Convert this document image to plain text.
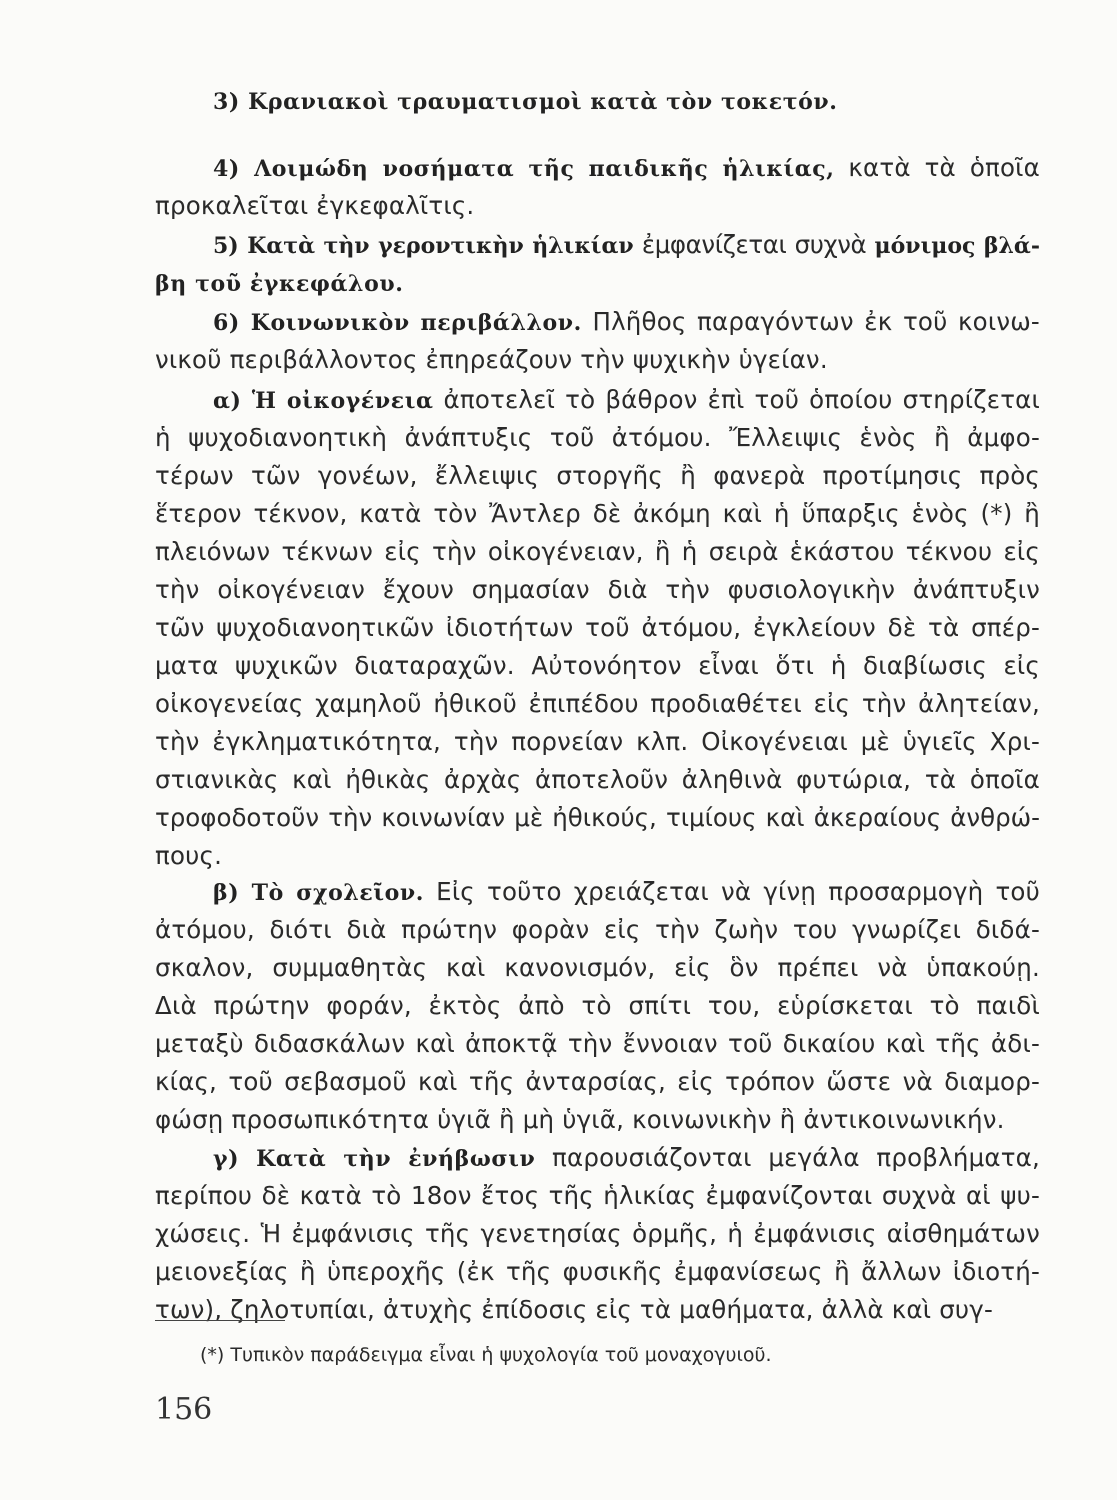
3) Κρανιακοὶ τραυματισμοὶ κατὰ τὸν τοκετόν.
4) Λοιμώδη νοσήματα τῆς παιδικῆς ἡλικίας, κατὰ τὰ ὁποῖα
προκαλεῖται ἐγκεφαλῖτις.
5) Κατὰ τὴν γεροντικὴν ἡλικίαν ἐμφανίζεται συχνὰ μόνιμος βλά-
βη τοῦ ἐγκεφάλου.
6) Κοινωνικὸν περιβάλλον. Πλῆθος παραγόντων ἐκ τοῦ κοινω-
νικοῦ περιβάλλοντος ἐπηρεάζουν τὴν ψυχικὴν ὑγείαν.
α) Ἡ οἰκογένεια ἀποτελεῖ τὸ βάθρον ἐπὶ τοῦ ὁποίου στηρίζεται
ἡ ψυχοδιανοητικὴ ἀνάπτυξις τοῦ ἀτόμου. Ἔλλειψις ἑνὸς ἢ ἀμφο-
τέρων τῶν γονέων, ἔλλειψις στοργῆς ἢ φανερὰ προτίμησις πρὸς
ἕτερον τέκνον, κατὰ τὸν Ἄντλερ δὲ ἀκόμη καὶ ἡ ὕπαρξις ἑνὸς (*) ἢ
πλειόνων τέκνων εἰς τὴν οἰκογένειαν, ἢ ἡ σειρὰ ἑκάστου τέκνου εἰς
τὴν οἰκογένειαν ἔχουν σημασίαν διὰ τὴν φυσιολογικὴν ἀνάπτυξιν
τῶν ψυχοδιανοητικῶν ἰδιοτήτων τοῦ ἀτόμου, ἐγκλείουν δὲ τὰ σπέρ-
ματα ψυχικῶν διαταραχῶν. Αὐτονόητον εἶναι ὅτι ἡ διαβίωσις εἰς
οἰκογενείας χαμηλοῦ ἠθικοῦ ἐπιπέδου προδιαθέτει εἰς τὴν ἀλητείαν,
τὴν ἐγκληματικότητα, τὴν πορνείαν κλπ. Οἰκογένειαι μὲ ὑγιεῖς Χρι-
στιανικὰς καὶ ἠθικὰς ἀρχὰς ἀποτελοῦν ἀληθινὰ φυτώρια, τὰ ὁποῖα
τροφοδοτοῦν τὴν κοινωνίαν μὲ ἠθικούς, τιμίους καὶ ἀκεραίους ἀνθρώ-
πους.
β) Τὸ σχολεῖον. Εἰς τοῦτο χρειάζεται νὰ γίνῃ προσαρμογὴ τοῦ
ἀτόμου, διότι διὰ πρώτην φορὰν εἰς τὴν ζωὴν του γνωρίζει διδά-
σκαλον, συμμαθητὰς καὶ κανονισμόν, εἰς ὃν πρέπει νὰ ὑπακούῃ.
Διὰ πρώτην φοράν, ἐκτὸς ἀπὸ τὸ σπίτι του, εὑρίσκεται τὸ παιδὶ
μεταξὺ διδασκάλων καὶ ἀποκτᾷ τὴν ἔννοιαν τοῦ δικαίου καὶ τῆς ἀδι-
κίας, τοῦ σεβασμοῦ καὶ τῆς ἀνταρσίας, εἰς τρόπον ὥστε νὰ διαμορ-
φώσῃ προσωπικότητα ὑγιᾶ ἢ μὴ ὑγιᾶ, κοινωνικὴν ἢ ἀντικοινωνικήν.
γ) Κατὰ τὴν ἐνήβωσιν παρουσιάζονται μεγάλα προβλήματα,
περίπου δὲ κατὰ τὸ 18ον ἔτος τῆς ἡλικίας ἐμφανίζονται συχνὰ αἱ ψυ-
χώσεις. Ἡ ἐμφάνισις τῆς γενετησίας ὁρμῆς, ἡ ἐμφάνισις αἰσθημάτων
μειονεξίας ἢ ὑπεροχῆς (ἐκ τῆς φυσικῆς ἐμφανίσεως ἢ ἄλλων ἰδιοτή-
των), ζηλοτυπίαι, ἀτυχὴς ἐπίδοσις εἰς τὰ μαθήματα, ἀλλὰ καὶ συγ-
(*) Τυπικὸν παράδειγμα εἶναι ἡ ψυχολογία τοῦ μοναχογυιοῦ.
156
